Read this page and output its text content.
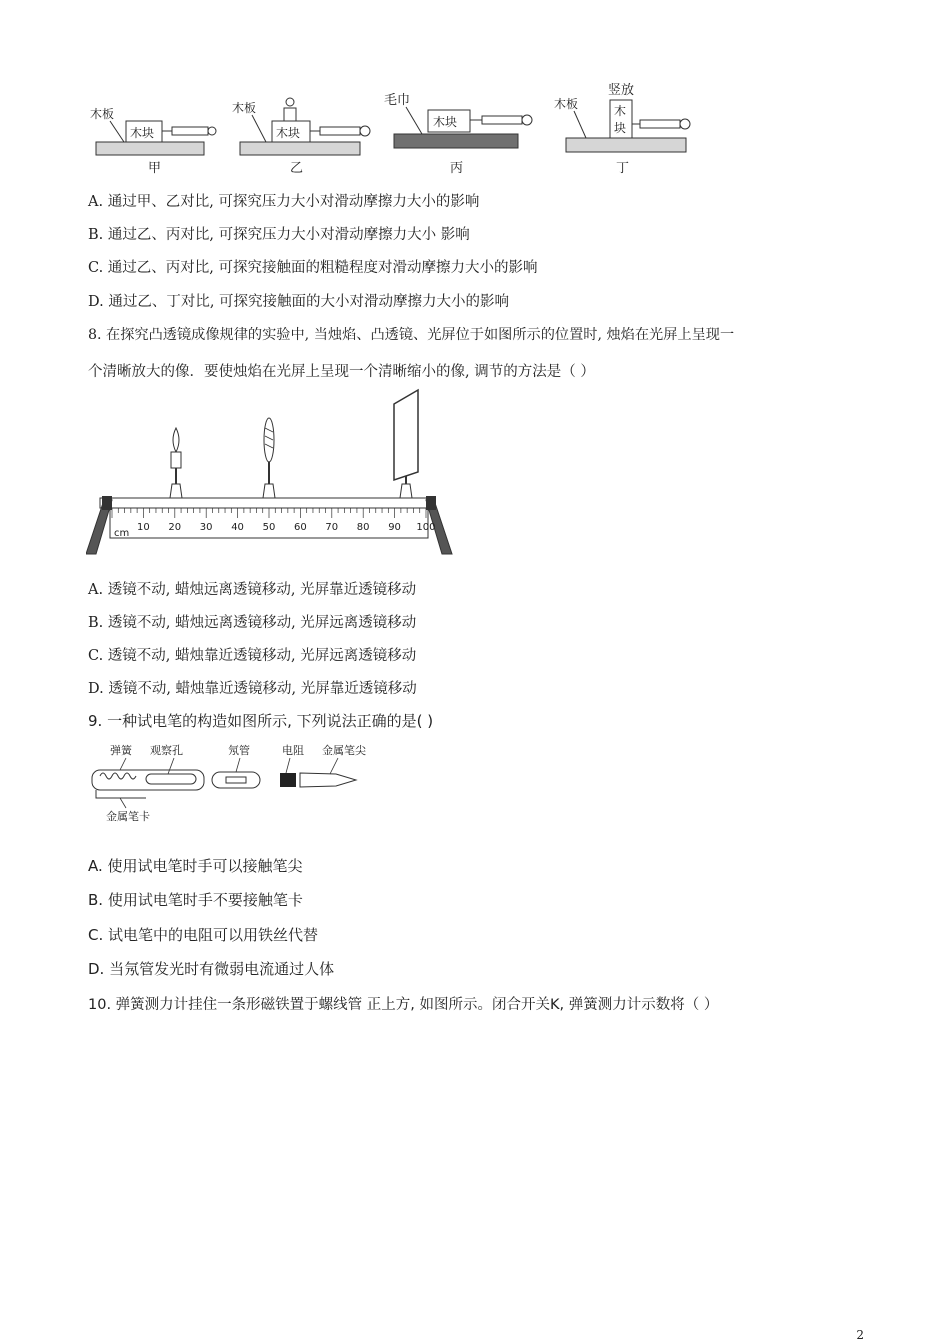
木板
木块
甲
木板
木块
乙
毛巾
木块
丙
木板
竖放
木
块
丁
A. 通过甲、乙对比, 可探究压力大小对滑动摩擦力大小的影响
B. 通过乙、丙对比, 可探究压力大小对滑动摩擦力大小 影响
C. 通过乙、丙对比, 可探究接触面的粗糙程度对滑动摩擦力大小的影响
D. 通过乙、丁对比, 可探究接触面的大小对滑动摩擦力大小的影响
8. 在探究凸透镜成像规律的实验中, 当烛焰、凸透镜、光屏位于如图所示的位置时, 烛焰在光屏上呈现一
个清晰放大的像．要使烛焰在光屏上呈现一个清晰缩小的像, 调节的方法是（ ）
cm
10 20 30 40 50 60 70 80 90 100
A. 透镜不动, 蜡烛远离透镜移动, 光屏靠近透镜移动
B. 透镜不动, 蜡烛远离透镜移动, 光屏远离透镜移动
C. 透镜不动, 蜡烛靠近透镜移动, 光屏远离透镜移动
D. 透镜不动, 蜡烛靠近透镜移动, 光屏靠近透镜移动
9. 一种试电笔的构造如图所示, 下列说法正确的是( )
弹簧 观察孔	氖管	电阻 金属笔尖
金属笔卡
A. 使用试电笔时手可以接触笔尖
B. 使用试电笔时手不要接触笔卡
C. 试电笔中的电阻可以用铁丝代替
D. 当氖管发光时有微弱电流通过人体
10. 弹簧测力计挂住一条形磁铁置于螺线管 正上方, 如图所示。闭合开关K, 弹簧测力计示数将（ ）
2
